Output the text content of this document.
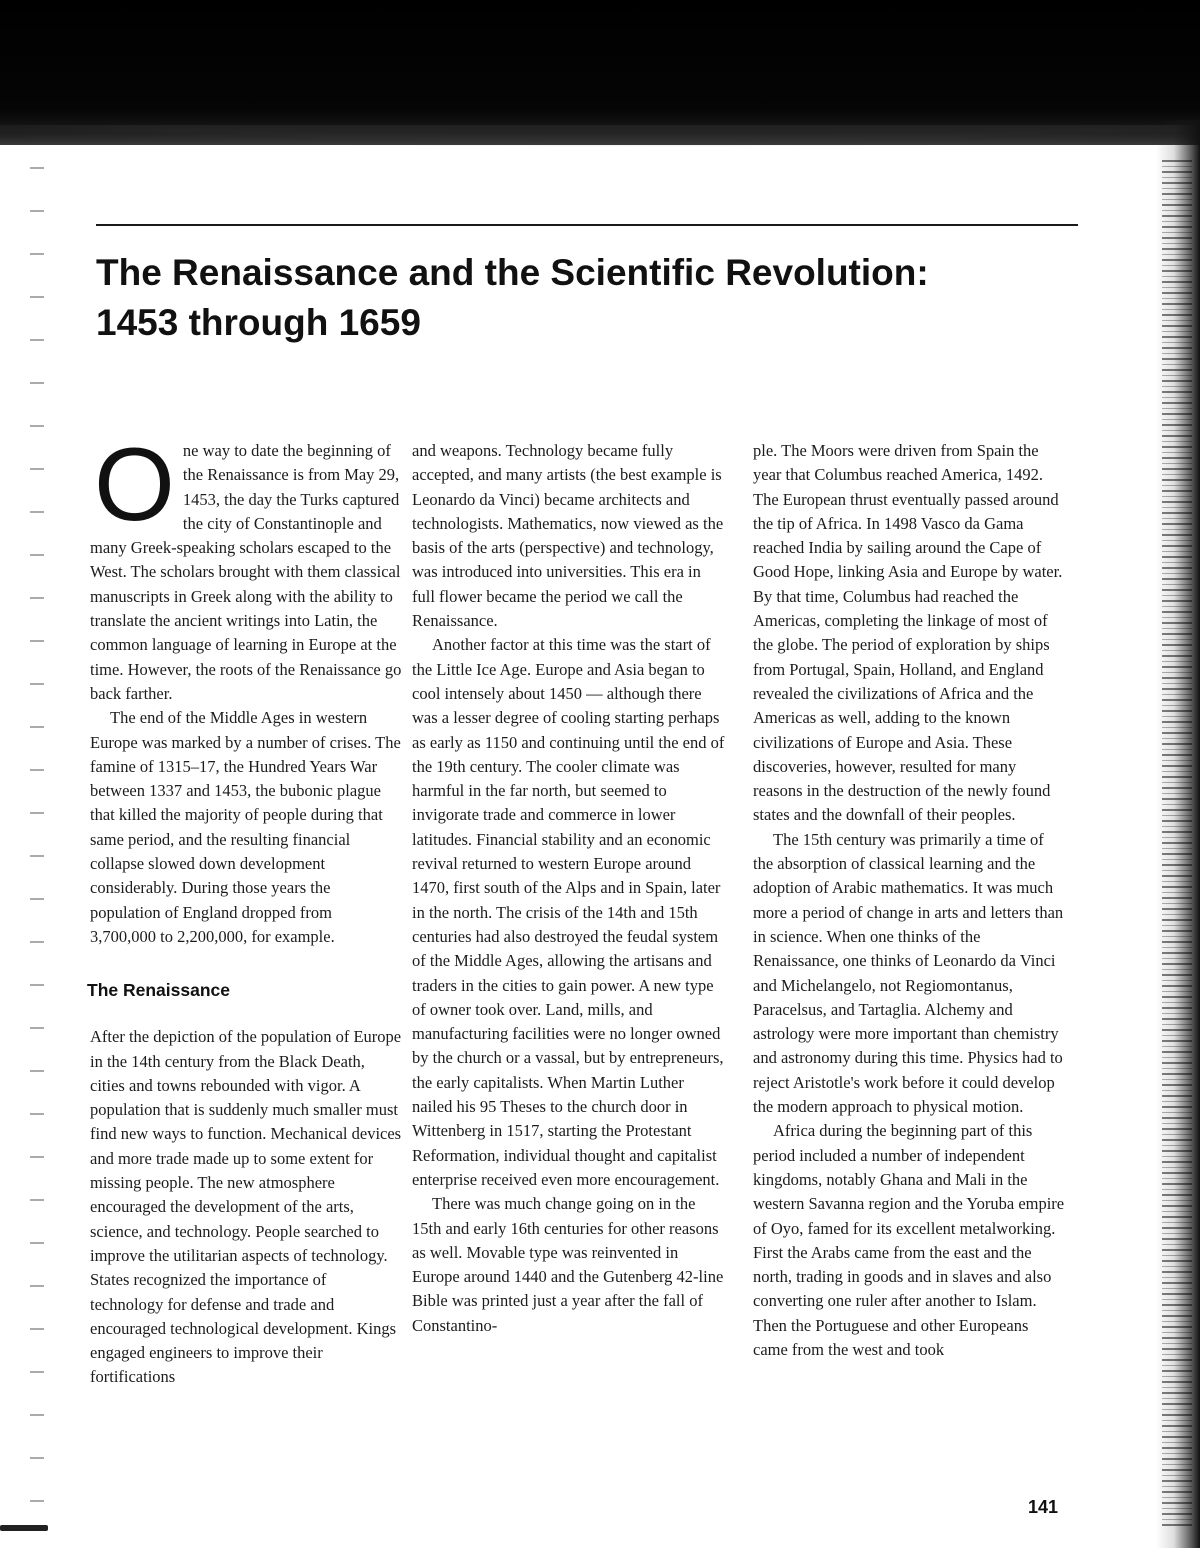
The Renaissance and the Scientific Revolution:
1453 through 1659

One way to date the beginning of the Renaissance is from May 29, 1453, the day the Turks captured the city of Constantinople and many Greek-speaking scholars escaped to the West. The scholars brought with them classical manuscripts in Greek along with the ability to translate the ancient writings into Latin, the common language of learning in Europe at the time. However, the roots of the Renaissance go back farther.

The end of the Middle Ages in western Europe was marked by a number of crises. The famine of 1315–17, the Hundred Years War between 1337 and 1453, the bubonic plague that killed the majority of people during that same period, and the resulting financial collapse slowed down development considerably. During those years the population of England dropped from 3,700,000 to 2,200,000, for example.

The Renaissance

After the depiction of the population of Europe in the 14th century from the Black Death, cities and towns rebounded with vigor. A population that is suddenly much smaller must find new ways to function. Mechanical devices and more trade made up to some extent for missing people. The new atmosphere encouraged the development of the arts, science, and technology. People searched to improve the utilitarian aspects of technology. States recognized the importance of technology for defense and trade and encouraged technological development. Kings engaged engineers to improve their fortifications

and weapons. Technology became fully accepted, and many artists (the best example is Leonardo da Vinci) became architects and technologists. Mathematics, now viewed as the basis of the arts (perspective) and technology, was introduced into universities. This era in full flower became the period we call the Renaissance.

Another factor at this time was the start of the Little Ice Age. Europe and Asia began to cool intensely about 1450 — although there was a lesser degree of cooling starting perhaps as early as 1150 and continuing until the end of the 19th century. The cooler climate was harmful in the far north, but seemed to invigorate trade and commerce in lower latitudes. Financial stability and an economic revival returned to western Europe around 1470, first south of the Alps and in Spain, later in the north. The crisis of the 14th and 15th centuries had also destroyed the feudal system of the Middle Ages, allowing the artisans and traders in the cities to gain power. A new type of owner took over. Land, mills, and manufacturing facilities were no longer owned by the church or a vassal, but by entrepreneurs, the early capitalists. When Martin Luther nailed his 95 Theses to the church door in Wittenberg in 1517, starting the Protestant Reformation, individual thought and capitalist enterprise received even more encouragement.

There was much change going on in the 15th and early 16th centuries for other reasons as well. Movable type was reinvented in Europe around 1440 and the Gutenberg 42-line Bible was printed just a year after the fall of Constantino-

ple. The Moors were driven from Spain the year that Columbus reached America, 1492. The European thrust eventually passed around the tip of Africa. In 1498 Vasco da Gama reached India by sailing around the Cape of Good Hope, linking Asia and Europe by water. By that time, Columbus had reached the Americas, completing the linkage of most of the globe. The period of exploration by ships from Portugal, Spain, Holland, and England revealed the civilizations of Africa and the Americas as well, adding to the known civilizations of Europe and Asia. These discoveries, however, resulted for many reasons in the destruction of the newly found states and the downfall of their peoples.

The 15th century was primarily a time of the absorption of classical learning and the adoption of Arabic mathematics. It was much more a period of change in arts and letters than in science. When one thinks of the Renaissance, one thinks of Leonardo da Vinci and Michelangelo, not Regiomontanus, Paracelsus, and Tartaglia. Alchemy and astrology were more important than chemistry and astronomy during this time. Physics had to reject Aristotle's work before it could develop the modern approach to physical motion.

Africa during the beginning part of this period included a number of independent kingdoms, notably Ghana and Mali in the western Savanna region and the Yoruba empire of Oyo, famed for its excellent metalworking. First the Arabs came from the east and the north, trading in goods and in slaves and also converting one ruler after another to Islam. Then the Portuguese and other Europeans came from the west and took

141
